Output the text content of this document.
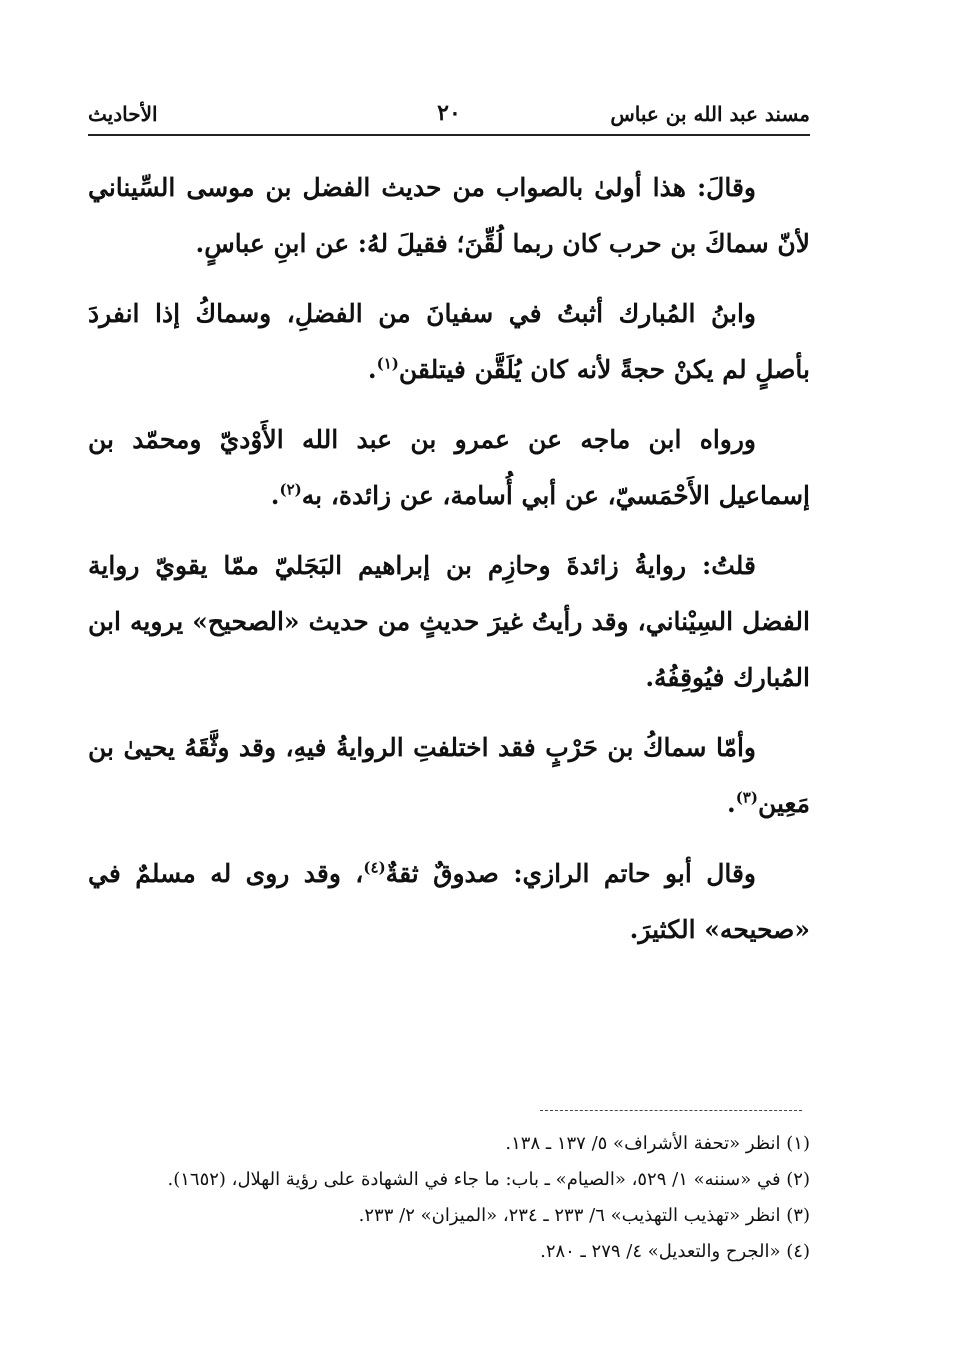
مسند عبد الله بن عباس
٢٠
الأحاديث

وقالَ: هذا أولىٰ بالصواب من حديث الفضل بن موسى السِّيناني لأنّ سماكَ بن حرب كان ربما لُقِّنَ؛ فقيلَ لهُ: عن ابنِ عباسٍ.

وابنُ المُبارك أثبتُ في سفيانَ من الفضلِ، وسماكُ إذا انفردَ بأصلٍ لم يكنْ حجةً لأنه كان يُلَقَّن فيتلقن$^{(١)}$.

ورواه ابن ماجه عن عمرو بن عبد الله الأَوْديّ ومحمّد بن إسماعيل الأَحْمَسيّ، عن أبي أُسامة، عن زائدة، به$^{(٢)}$.

قلتُ: روايةُ زائدةَ وحازِم بن إبراهيم البَجَليّ ممّا يقويّ رواية الفضل السِيْناني، وقد رأيتُ غيرَ حديثٍ من حديث «الصحيح» يرويه ابن المُبارك فيُوقِفُهُ.

وأمّا سماكُ بن حَرْبٍ فقد اختلفتِ الروايةُ فيهِ، وقد وثَّقَهُ يحيىٰ بن مَعِين$^{(٣)}$.

وقال أبو حاتم الرازي: صدوقٌ ثقةٌ$^{(٤)}$، وقد روى له مسلمٌ في «صحيحه» الكثيرَ.

(١) انظر «تحفة الأشراف» ٥/ ١٣٧ ـ ١٣٨.

(٢) في «سننه» ١/ ٥٢٩، «الصيام» ـ باب: ما جاء في الشهادة على رؤية الهلال، (١٦٥٢).

(٣) انظر «تهذيب التهذيب» ٦/ ٢٣٣ ـ ٢٣٤، «الميزان» ٢/ ٢٣٣.

(٤) «الجرح والتعديل» ٤/ ٢٧٩ ـ ٢٨٠.
